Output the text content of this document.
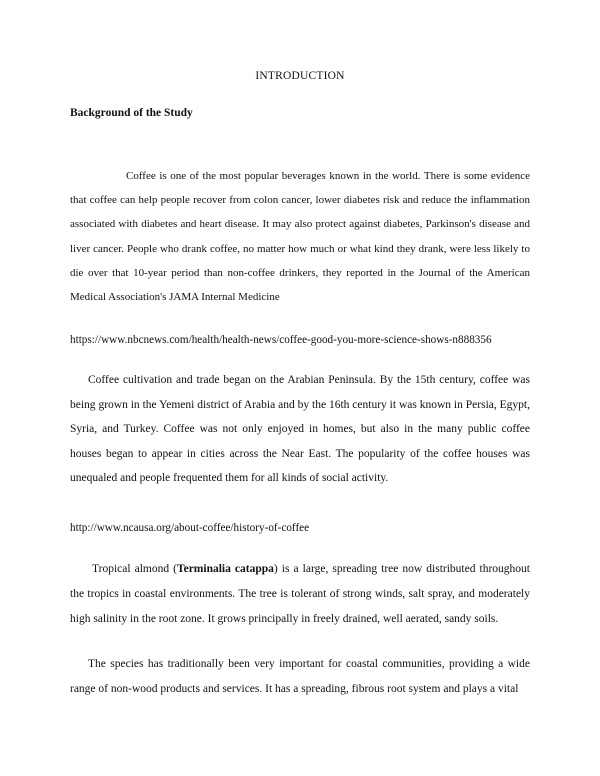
INTRODUCTION
Background of the Study

Coffee is one of the most popular beverages known in the world. There is some evidence that coffee can help people recover from colon cancer, lower diabetes risk and reduce the inflammation associated with diabetes and heart disease. It may also protect against diabetes, Parkinson's disease and liver cancer. People who drank coffee, no matter how much or what kind they drank, were less likely to die over that 10-year period than non-coffee drinkers, they reported in the Journal of the American Medical Association's JAMA Internal Medicine

https://www.nbcnews.com/health/health-news/coffee-good-you-more-science-shows-n888356

Coffee cultivation and trade began on the Arabian Peninsula. By the 15th century, coffee was being grown in the Yemeni district of Arabia and by the 16th century it was known in Persia, Egypt, Syria, and Turkey. Coffee was not only enjoyed in homes, but also in the many public coffee houses began to appear in cities across the Near East. The popularity of the coffee houses was unequaled and people frequented them for all kinds of social activity.

http://www.ncausa.org/about-coffee/history-of-coffee

Tropical almond (Terminalia catappa) is a large, spreading tree now distributed throughout the tropics in coastal environments. The tree is tolerant of strong winds, salt spray, and moderately high salinity in the root zone. It grows principally in freely drained, well aerated, sandy soils.

The species has traditionally been very important for coastal communities, providing a wide range of non-wood products and services. It has a spreading, fibrous root system and plays a vital
